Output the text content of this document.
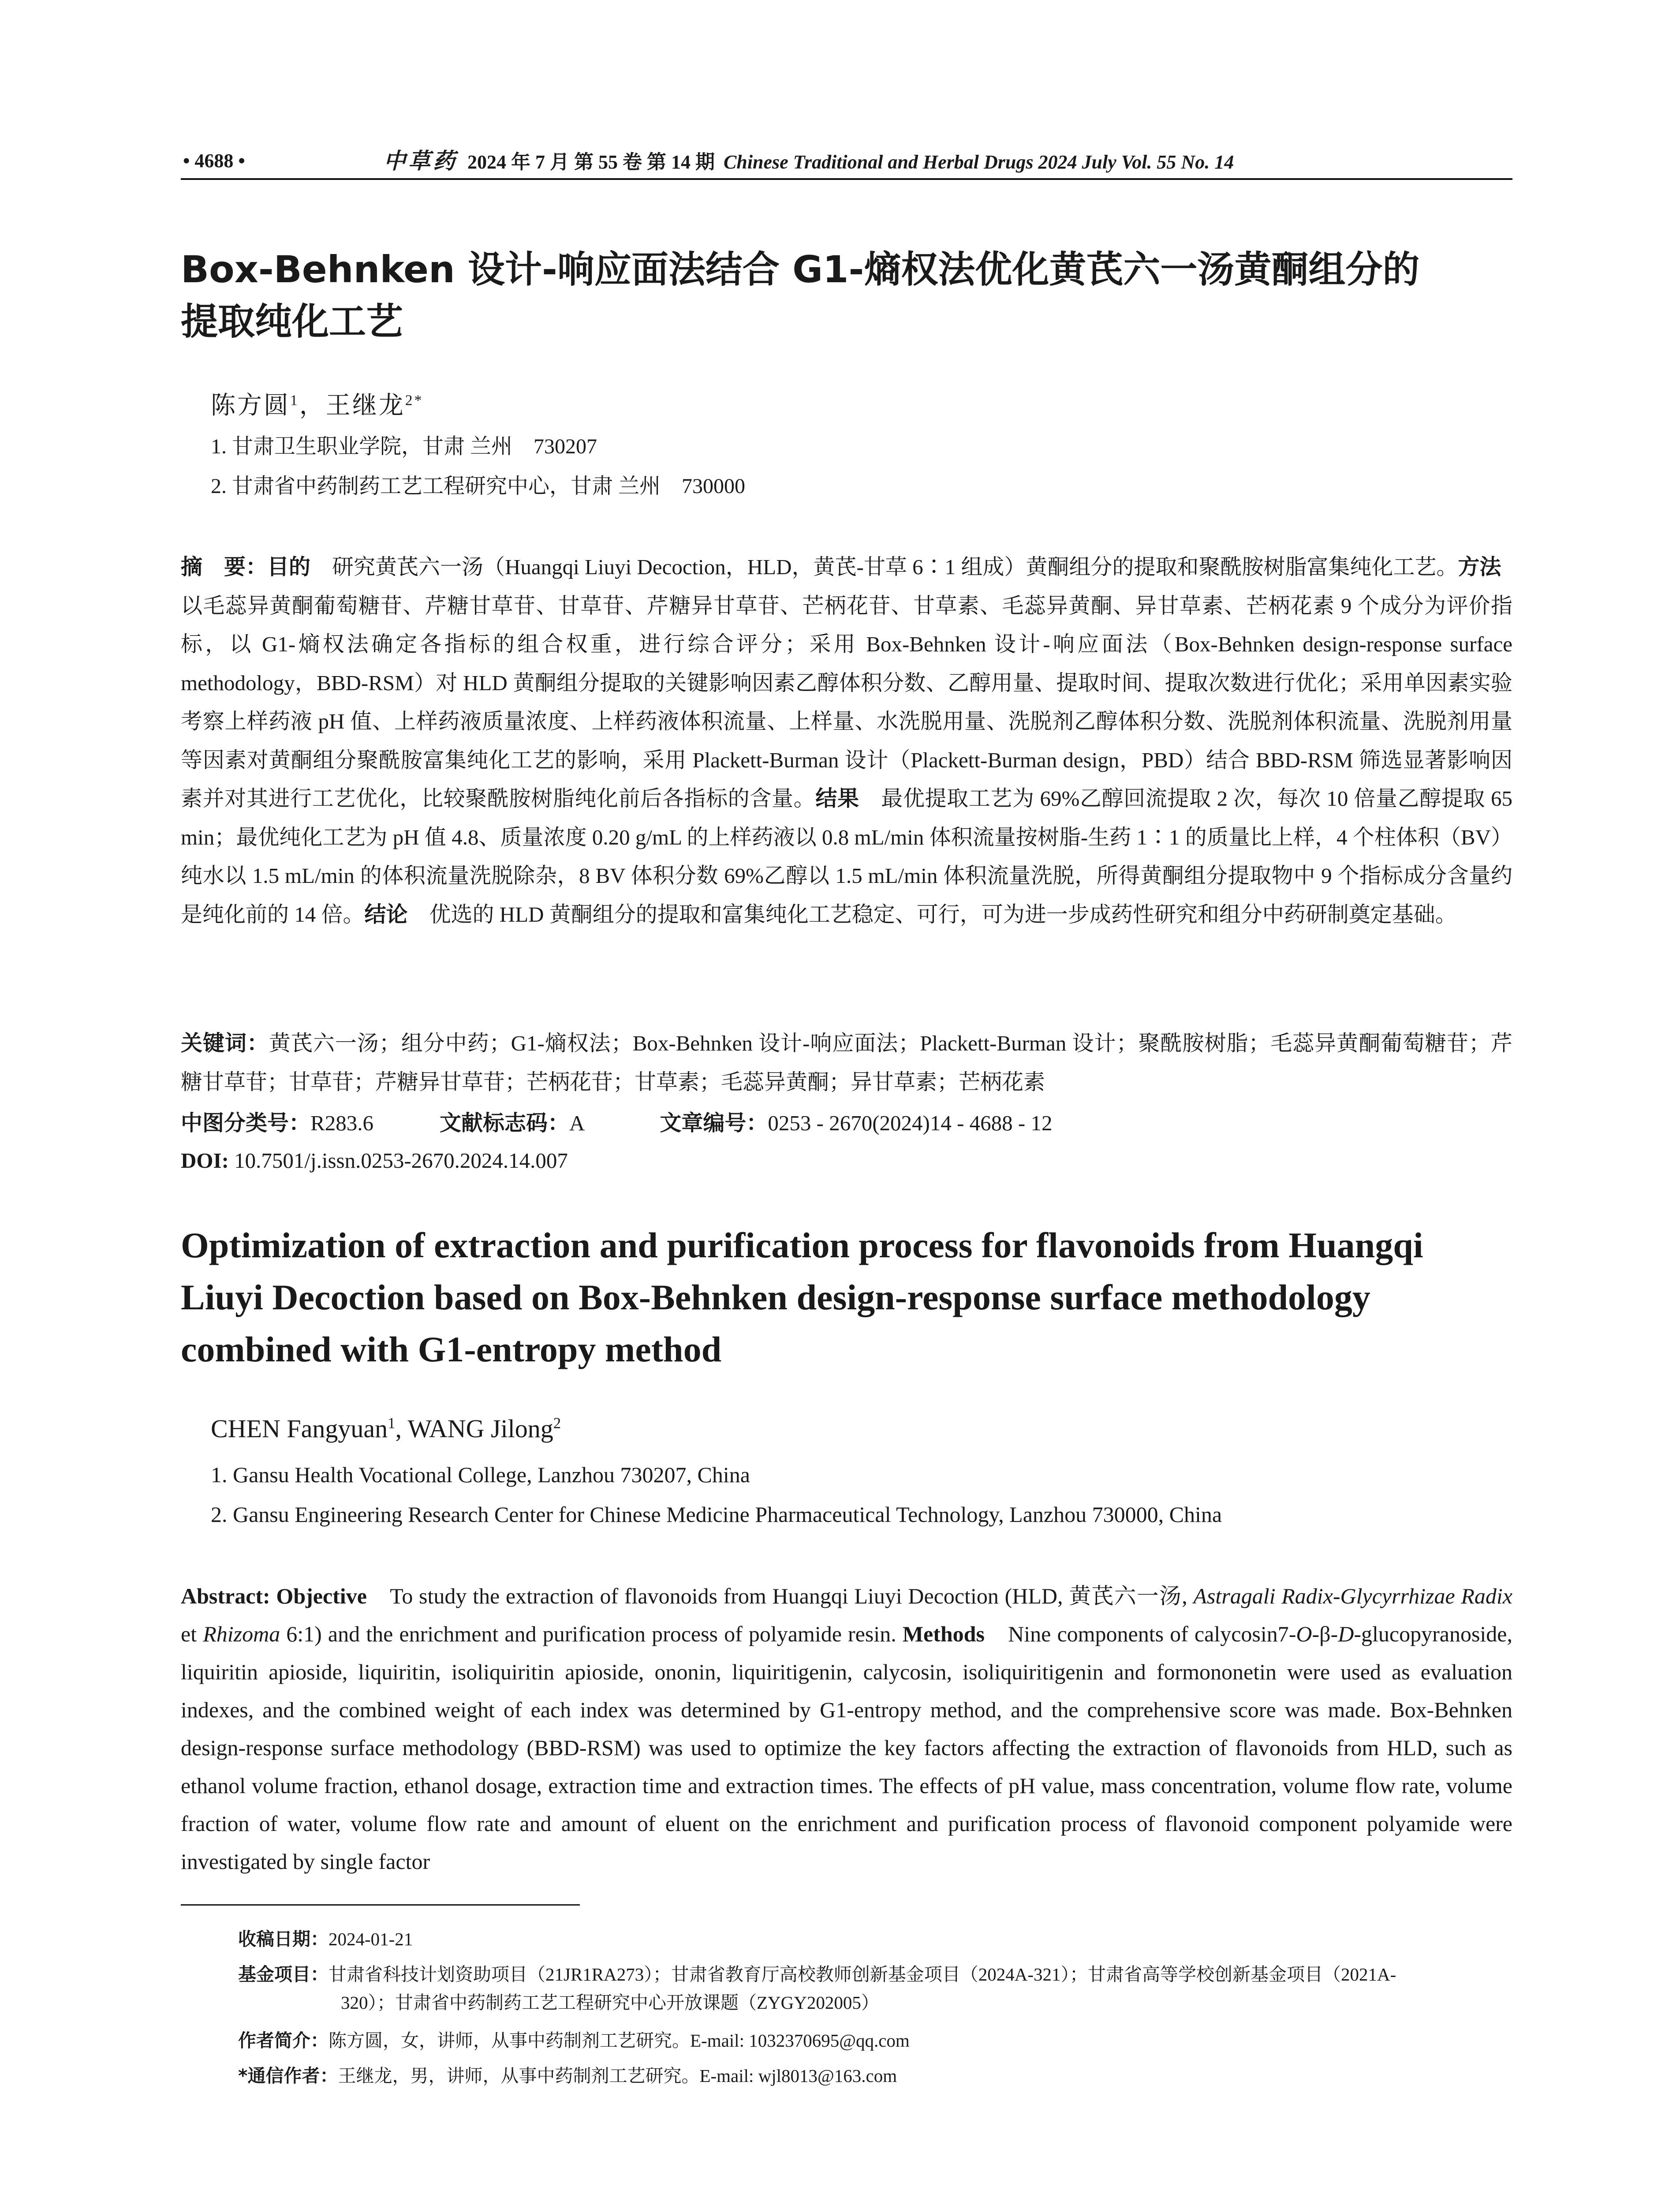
• 4688 •	中草药 2024 年 7 月 第 55 卷 第 14 期 Chinese Traditional and Herbal Drugs 2024 July Vol. 55 No. 14
Box-Behnken 设计-响应面法结合 G1-熵权法优化黄芪六一汤黄酮组分的
提取纯化工艺
陈方圆$^1$，王继龙$^{2*}$
1. 甘肃卫生职业学院，甘肃 兰州　730207
2. 甘肃省中药制药工艺工程研究中心，甘肃 兰州　730000
摘　要：目的　研究黄芪六一汤（Huangqi Liuyi Decoction，HLD，黄芪-甘草 6∶1 组成）黄酮组分的提取和聚酰胺树脂富集纯化工艺。方法　以毛蕊异黄酮葡萄糖苷、芹糖甘草苷、甘草苷、芹糖异甘草苷、芒柄花苷、甘草素、毛蕊异黄酮、异甘草素、芒柄花素 9 个成分为评价指标，以 G1-熵权法确定各指标的组合权重，进行综合评分；采用 Box-Behnken 设计-响应面法（Box-Behnken design-response surface methodology，BBD-RSM）对 HLD 黄酮组分提取的关键影响因素乙醇体积分数、乙醇用量、提取时间、提取次数进行优化；采用单因素实验考察上样药液 pH 值、上样药液质量浓度、上样药液体积流量、上样量、水洗脱用量、洗脱剂乙醇体积分数、洗脱剂体积流量、洗脱剂用量等因素对黄酮组分聚酰胺富集纯化工艺的影响，采用 Plackett-Burman 设计（Plackett-Burman design，PBD）结合 BBD-RSM 筛选显著影响因素并对其进行工艺优化，比较聚酰胺树脂纯化前后各指标的含量。结果　最优提取工艺为 69%乙醇回流提取 2 次，每次 10 倍量乙醇提取 65 min；最优纯化工艺为 pH 值 4.8、质量浓度 0.20 g/mL 的上样药液以 0.8 mL/min 体积流量按树脂-生药 1∶1 的质量比上样，4 个柱体积（BV）纯水以 1.5 mL/min 的体积流量洗脱除杂，8 BV 体积分数 69%乙醇以 1.5 mL/min 体积流量洗脱，所得黄酮组分提取物中 9 个指标成分含量约是纯化前的 14 倍。结论　优选的 HLD 黄酮组分的提取和富集纯化工艺稳定、可行，可为进一步成药性研究和组分中药研制奠定基础。
关键词：黄芪六一汤；组分中药；G1-熵权法；Box-Behnken 设计-响应面法；Plackett-Burman 设计；聚酰胺树脂；毛蕊异黄酮葡萄糖苷；芹糖甘草苷；甘草苷；芹糖异甘草苷；芒柄花苷；甘草素；毛蕊异黄酮；异甘草素；芒柄花素
中图分类号：R283.6	文献标志码：A	文章编号：0253 - 2670(2024)14 - 4688 - 12
DOI: 10.7501/j.issn.0253-2670.2024.14.007
Optimization of extraction and purification process for flavonoids from Huangqi
Liuyi Decoction based on Box-Behnken design-response surface methodology
combined with G1-entropy method
CHEN Fangyuan$^1$, WANG Jilong$^2$
1. Gansu Health Vocational College, Lanzhou 730207, China
2. Gansu Engineering Research Center for Chinese Medicine Pharmaceutical Technology, Lanzhou 730000, China
Abstract: Objective　To study the extraction of flavonoids from Huangqi Liuyi Decoction (HLD, 黄芪六一汤, Astragali Radix-Glycyrrhizae Radix et Rhizoma 6:1) and the enrichment and purification process of polyamide resin. Methods　Nine components of calycosin7-O-β-D-glucopyranoside, liquiritin apioside, liquiritin, isoliquiritin apioside, ononin, liquiritigenin, calycosin, isoliquiritigenin and formononetin were used as evaluation indexes, and the combined weight of each index was determined by G1-entropy method, and the comprehensive score was made. Box-Behnken design-response surface methodology (BBD-RSM) was used to optimize the key factors affecting the extraction of flavonoids from HLD, such as ethanol volume fraction, ethanol dosage, extraction time and extraction times. The effects of pH value, mass concentration, volume flow rate, volume fraction of water, volume flow rate and amount of eluent on the enrichment and purification process of flavonoid component polyamide were investigated by single factor
收稿日期：2024-01-21
基金项目：甘肃省科技计划资助项目（21JR1RA273）；甘肃省教育厅高校教师创新基金项目（2024A-321）；甘肃省高等学校创新基金项目（2021A-
320）；甘肃省中药制药工艺工程研究中心开放课题（ZYGY202005）
作者简介：陈方圆，女，讲师，从事中药制剂工艺研究。E-mail: 1032370695@qq.com
*通信作者：王继龙，男，讲师，从事中药制剂工艺研究。E-mail: wjl8013@163.com
